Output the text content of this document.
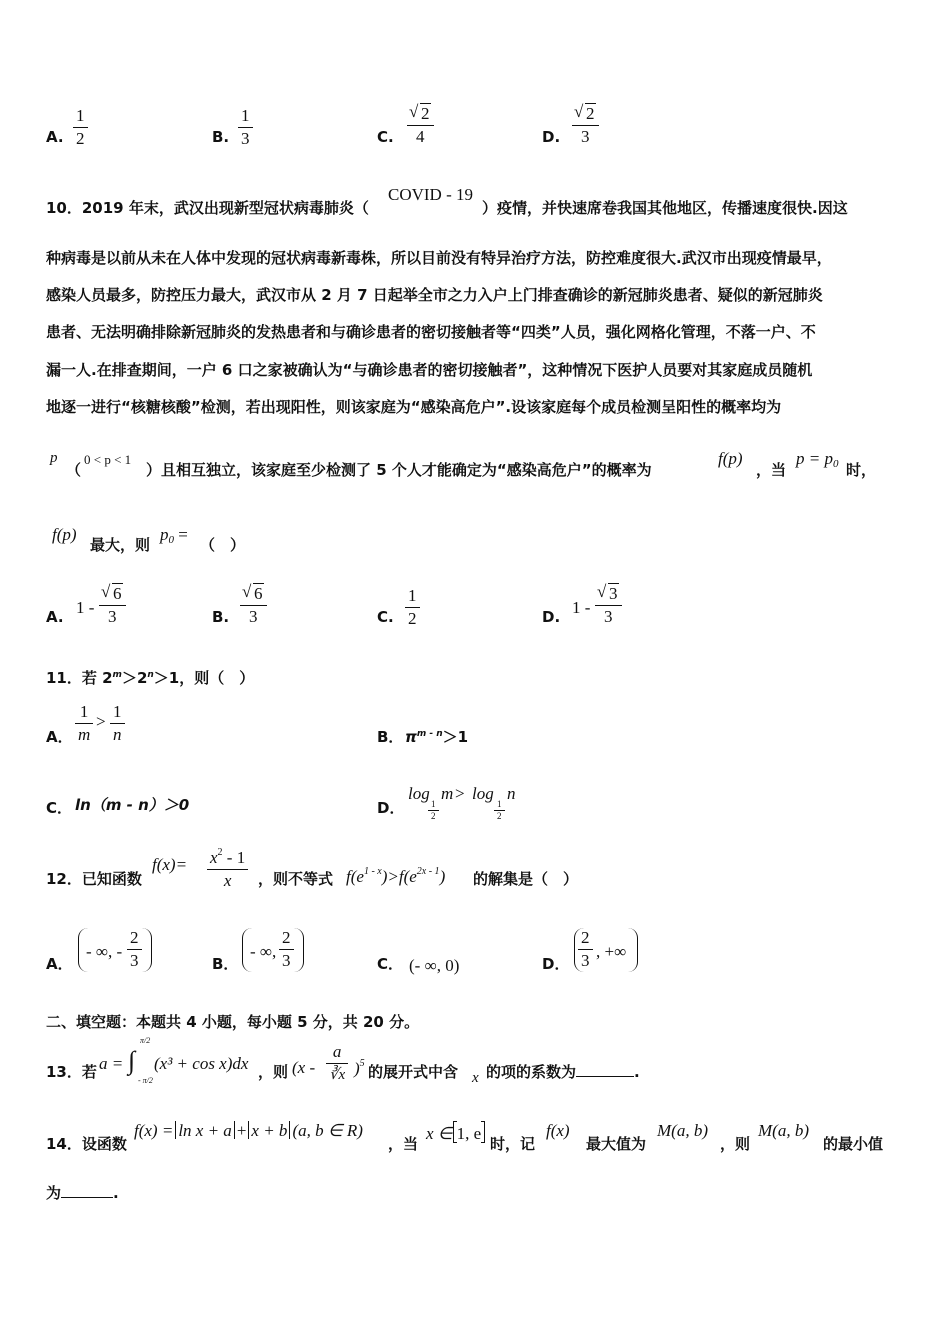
A.
1
2	B.
1
3	C.
√ 2
4	D.
√ 2
3
10．2019 年末，武汉出现新型冠状病毒肺炎（
COVID - 19
）疫情，并快速席卷我国其他地区，传播速度很快.因这
种病毒是以前从未在人体中发现的冠状病毒新毒株，所以目前没有特异治疗方法，防控难度很大.武汉市出现疫情最早，
感染人员最多，防控压力最大，武汉市从 2 月 7 日起举全市之力入户上门排查确诊的新冠肺炎患者、疑似的新冠肺炎
患者、无法明确排除新冠肺炎的发热患者和与确诊患者的密切接触者等“四类”人员，强化网格化管理，不落一户、不
漏一人.在排查期间，一户 6 口之家被确认为“与确诊患者的密切接触者”，这种情况下医护人员要对其家庭成员随机
地逐一进行“核糖核酸”检测，若出现阳性，则该家庭为“感染高危户”.设该家庭每个成员检测呈阳性的概率均为
p
（
0 < p < 1
）且相互独立，该家庭至少检测了 5 个人才能确定为“感染高危户”的概率为
f(p)
，当
$p = p_0$ 时，
f(p)
最大，则
$p_0$ =
（　）
A. 1 -
√ 6
3	B.
√ 6
3	C.
1
2	D. 1 -
√ 3
3
11．若 $2^m>2^n>1$，则（　）
A．
1
m
>
1
n	B． $\pi^{m - n}>1$
C． ln（m - n）＞0	D．
log
1
2
m > log
1
2
n
12．已知函数
$f(x)= x^2 - 1$
x	，则不等式 $f(e^{1 - x})>f(e^{2x - 1})$ 的解集是（　）
A．
- ∞, -
2
3	B．
- ∞,
2
3	C． (- ∞, 0)	D．
2
3 , +∞
二、填空题：本题共 4 小题，每小题 5 分，共 20 分。
13．若 a = ∫
π/2
- π/2
(x³ + cos x)dx ，则 (x -
a
∛x )$^5$ 的展开式中含 x 的项的系数为	.
14．设函数
f(x) = ln x + a + x + b (a, b ∈ R)
，当
x ∈ 1, e
时，记
f(x)
最大值为
M(a, b)
，则
M(a, b)
的最小值
为	.
